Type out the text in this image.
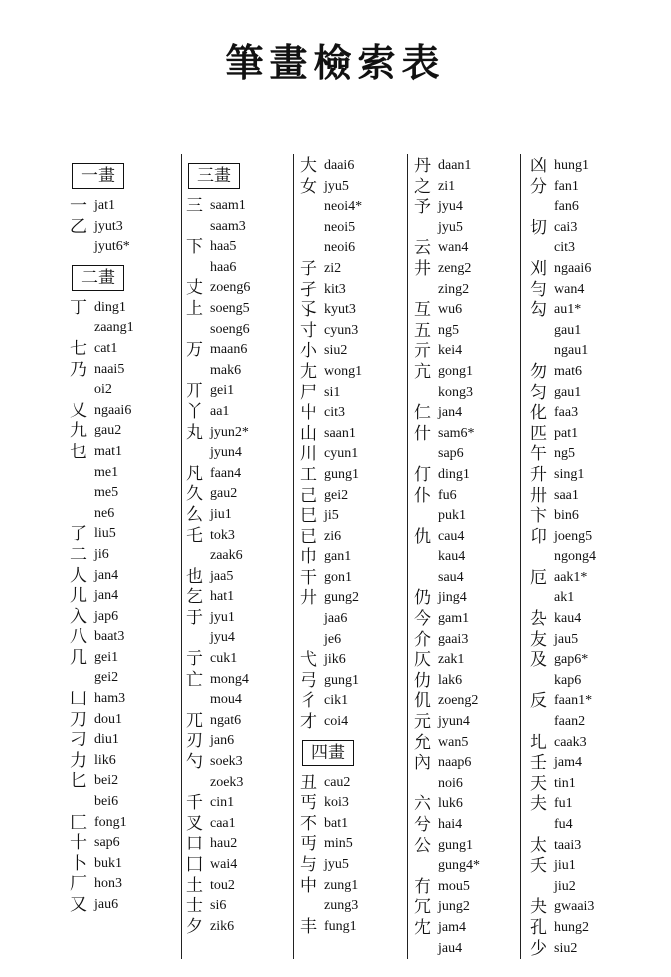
筆畫檢索表
一畫
一 jat1
乙 jyut3
jyut6*
二畫
丁 ding1
zaang1
七 cat1
乃 naai5
oi2
乂 ngaai6
九 gau2
乜 mat1
me1
me5
ne6
了 liu5
二 ji6
人 jan4
儿 jan4
入 jap6
八 baat3
几 gei1
gei2
凵 ham3
刀 dou1
刁 diu1
力 lik6
匕 bei2
bei6
匚 fong1
十 sap6
卜 buk1
厂 hon3
又 jau6
三畫
三 saam1
saam3
下 haa5
haa6
丈 zoeng6
上 soeng5
soeng6
万 maan6
mak6
丌 gei1
丫 aa1
丸 jyun2*
jyun4
凡 faan4
久 gau2
么 jiu1
乇 tok3
zaak6
也 jaa5
乞 hat1
于 jyu1
jyu4
亍 cuk1
亡 mong4
mou4
兀 ngat6
刃 jan6
勺 soek3
zoek3
千 cin1
叉 caa1
口 hau2
囗 wai4
土 tou2
士 si6
夕 zik6
大 daai6
女 jyu5
neoi4*
neoi5
neoi6
子 zi2
孑 kit3
孓 kyut3
寸 cyun3
小 siu2
尢 wong1
尸 si1
屮 cit3
山 saan1
川 cyun1
工 gung1
己 gei2
巳 ji5
已 zi6
巾 gan1
干 gon1
廾 gung2
jaa6
je6
弋 jik6
弓 gung1
彳 cik1
才 coi4
四畫
丑 cau2
丐 koi3
不 bat1
丏 min5
与 jyu5
中 zung1
zung3
丰 fung1
丹 daan1
之 zi1
予 jyu4
jyu5
云 wan4
井 zeng2
zing2
互 wu6
五 ng5
亓 kei4
亢 gong1
kong3
仁 jan4
什 sam6*
sap6
仃 ding1
仆 fu6
puk1
仇 cau4
kau4
sau4
仍 jing4
今 gam1
介 gaai3
仄 zak1
仂 lak6
仉 zoeng2
元 jyun4
允 wan5
內 naap6
noi6
六 luk6
兮 hai4
公 gung1
gung4*
冇 mou5
冗 jung2
冘 jam4
jau4
凶 hung1
分 fan1
fan6
切 cai3
cit3
刈 ngaai6
勻 wan4
勾 au1*
gau1
ngau1
勿 mat6
匀 gau1
化 faa3
匹 pat1
午 ng5
升 sing1
卅 saa1
卞 bin6
卬 joeng5
ngong4
厄 aak1*
ak1
厹 kau4
友 jau5
及 gap6*
kap6
反 faan1*
faan2
圠 caak3
壬 jam4
天 tin1
夫 fu1
fu4
太 taai3
夭 jiu1
jiu2
夬 gwaai3
孔 hung2
少 siu2
